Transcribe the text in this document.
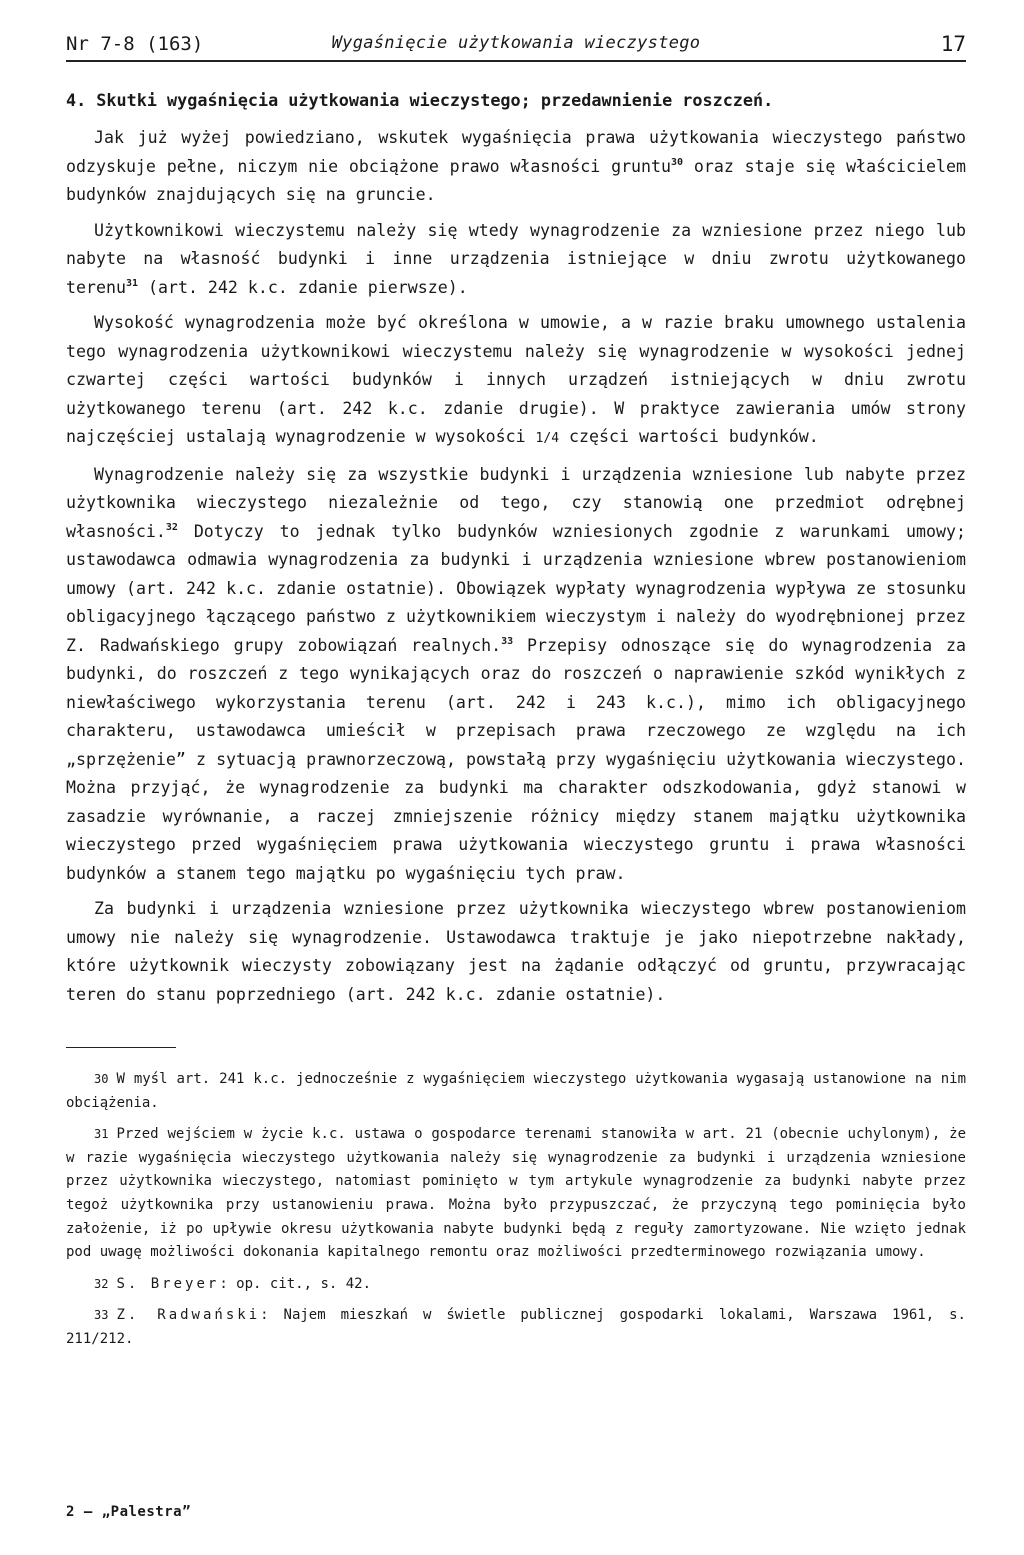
Nr 7-8 (163)	Wygaśnięcie użytkowania wieczystego	17
4. Skutki wygaśnięcia użytkowania wieczystego; przedawnienie roszczeń.

Jak już wyżej powiedziano, wskutek wygaśnięcia prawa użytkowania wieczystego państwo odzyskuje pełne, niczym nie obciążone prawo własności gruntu$^{30}$ oraz staje się właścicielem budynków znajdujących się na gruncie.

Użytkownikowi wieczystemu należy się wtedy wynagrodzenie za wzniesione przez niego lub nabyte na własność budynki i inne urządzenia istniejące w dniu zwrotu użytkowanego terenu$^{31}$ (art. 242 k.c. zdanie pierwsze).

Wysokość wynagrodzenia może być określona w umowie, a w razie braku umownego ustalenia tego wynagrodzenia użytkownikowi wieczystemu należy się wynagrodzenie w wysokości jednej czwartej części wartości budynków i innych urządzeń istniejących w dniu zwrotu użytkowanego terenu (art. 242 k.c. zdanie drugie). W praktyce zawierania umów strony najczęściej ustalają wynagrodzenie w wysokości 1/4 części wartości budynków.

Wynagrodzenie należy się za wszystkie budynki i urządzenia wzniesione lub nabyte przez użytkownika wieczystego niezależnie od tego, czy stanowią one przedmiot odrębnej własności.$^{32}$ Dotyczy to jednak tylko budynków wzniesionych zgodnie z warunkami umowy; ustawodawca odmawia wynagrodzenia za budynki i urządzenia wzniesione wbrew postanowieniom umowy (art. 242 k.c. zdanie ostatnie). Obowiązek wypłaty wynagrodzenia wypływa ze stosunku obligacyjnego łączącego państwo z użytkownikiem wieczystym i należy do wyodrębnionej przez Z. Radwańskiego grupy zobowiązań realnych.$^{33}$ Przepisy odnoszące się do wynagrodzenia za budynki, do roszczeń z tego wynikających oraz do roszczeń o naprawienie szkód wynikłych z niewłaściwego wykorzystania terenu (art. 242 i 243 k.c.), mimo ich obligacyjnego charakteru, ustawodawca umieścił w przepisach prawa rzeczowego ze względu na ich „sprzężenie” z sytuacją prawnorzeczową, powstałą przy wygaśnięciu użytkowania wieczystego. Można przyjąć, że wynagrodzenie za budynki ma charakter odszkodowania, gdyż stanowi w zasadzie wyrównanie, a raczej zmniejszenie różnicy między stanem majątku użytkownika wieczystego przed wygaśnięciem prawa użytkowania wieczystego gruntu i prawa własności budynków a stanem tego majątku po wygaśnięciu tych praw.

Za budynki i urządzenia wzniesione przez użytkownika wieczystego wbrew postanowieniom umowy nie należy się wynagrodzenie. Ustawodawca traktuje je jako niepotrzebne nakłady, które użytkownik wieczysty zobowiązany jest na żądanie odłączyć od gruntu, przywracając teren do stanu poprzedniego (art. 242 k.c. zdanie ostatnie).

30 W myśl art. 241 k.c. jednocześnie z wygaśnięciem wieczystego użytkowania wygasają ustanowione na nim obciążenia.

31 Przed wejściem w życie k.c. ustawa o gospodarce terenami stanowiła w art. 21 (obecnie uchylonym), że w razie wygaśnięcia wieczystego użytkowania należy się wynagrodzenie za budynki i urządzenia wzniesione przez użytkownika wieczystego, natomiast pominięto w tym artykule wynagrodzenie za budynki nabyte przez tegoż użytkownika przy ustanowieniu prawa. Można było przypuszczać, że przyczyną tego pominięcia było założenie, iż po upływie okresu użytkowania nabyte budynki będą z reguły zamortyzowane. Nie wzięto jednak pod uwagę możliwości dokonania kapitalnego remontu oraz możliwości przedterminowego rozwiązania umowy.

32 S. Breyer: op. cit., s. 42.

33 Z. Radwański: Najem mieszkań w świetle publicznej gospodarki lokalami, Warszawa 1961, s. 211/212.

2 — „Palestra”
